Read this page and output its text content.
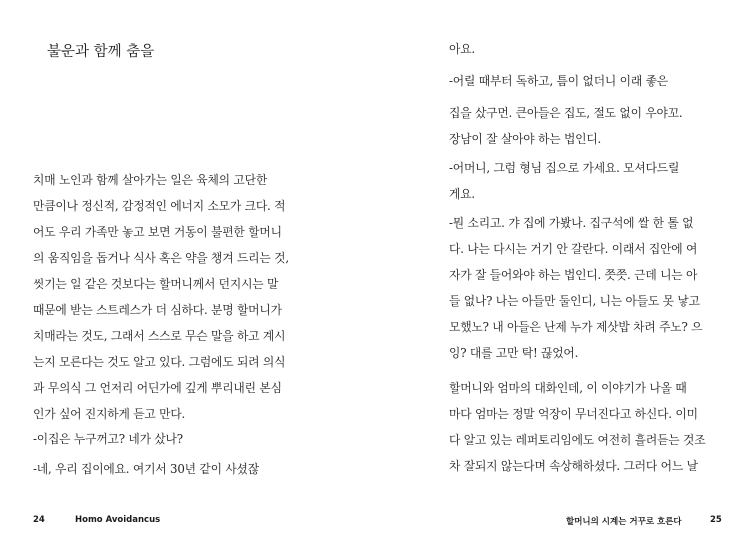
불운과 함께 춤을
치매 노인과 함께 살아가는 일은 육체의 고단한
만큼이나 정신적, 감정적인 에너지 소모가 크다. 적
어도 우리 가족만 놓고 보면 거동이 불편한 할머니
의 움직임을 돕거나 식사 혹은 약을 챙겨 드리는 것,
씻기는 일 같은 것보다는 할머니께서 던지시는 말
때문에 받는 스트레스가 더 심하다. 분명 할머니가
치매라는 것도, 그래서 스스로 무슨 말을 하고 계시
는지 모른다는 것도 알고 있다. 그럼에도 되려 의식
과 무의식 그 언저리 어딘가에 깊게 뿌리내린 본심
인가 싶어 진지하게 듣고 만다.
-이집은 누구꺼고? 네가 샀나?
-네, 우리 집이에요. 여기서 30년 같이 사셨잖
24	Homo Avoidancus
아요.
-어릴 때부터 독하고, 틈이 없더니 이래 좋은
집을 샀구먼. 큰아들은 집도, 절도 없이 우야꼬.
장남이 잘 살아야 하는 법인디.
-어머니, 그럼 형님 집으로 가세요. 모셔다드릴
게요.
-뭔 소리고. 갸 집에 가봤나. 집구석에 쌀 한 톨 없
다. 나는 다시는 거기 안 갈란다. 이래서 집안에 여
자가 잘 들어와야 하는 법인디. 쯧쯧. 근데 니는 아
들 없나? 나는 아들만 둘인디, 니는 아들도 못 낳고
모했노? 내 아들은 난제 누가 제삿밥 차려 주노? 으
잉? 대를 고만 탁! 끊었어.
할머니와 엄마의 대화인데, 이 이야기가 나올 때
마다 엄마는 정말 억장이 무너진다고 하신다. 이미
다 알고 있는 레퍼토리임에도 여전히 흘려듣는 것조
차 잘되지 않는다며 속상해하셨다. 그러다 어느 날
할머니의 시계는 거꾸로 흐른다	25
